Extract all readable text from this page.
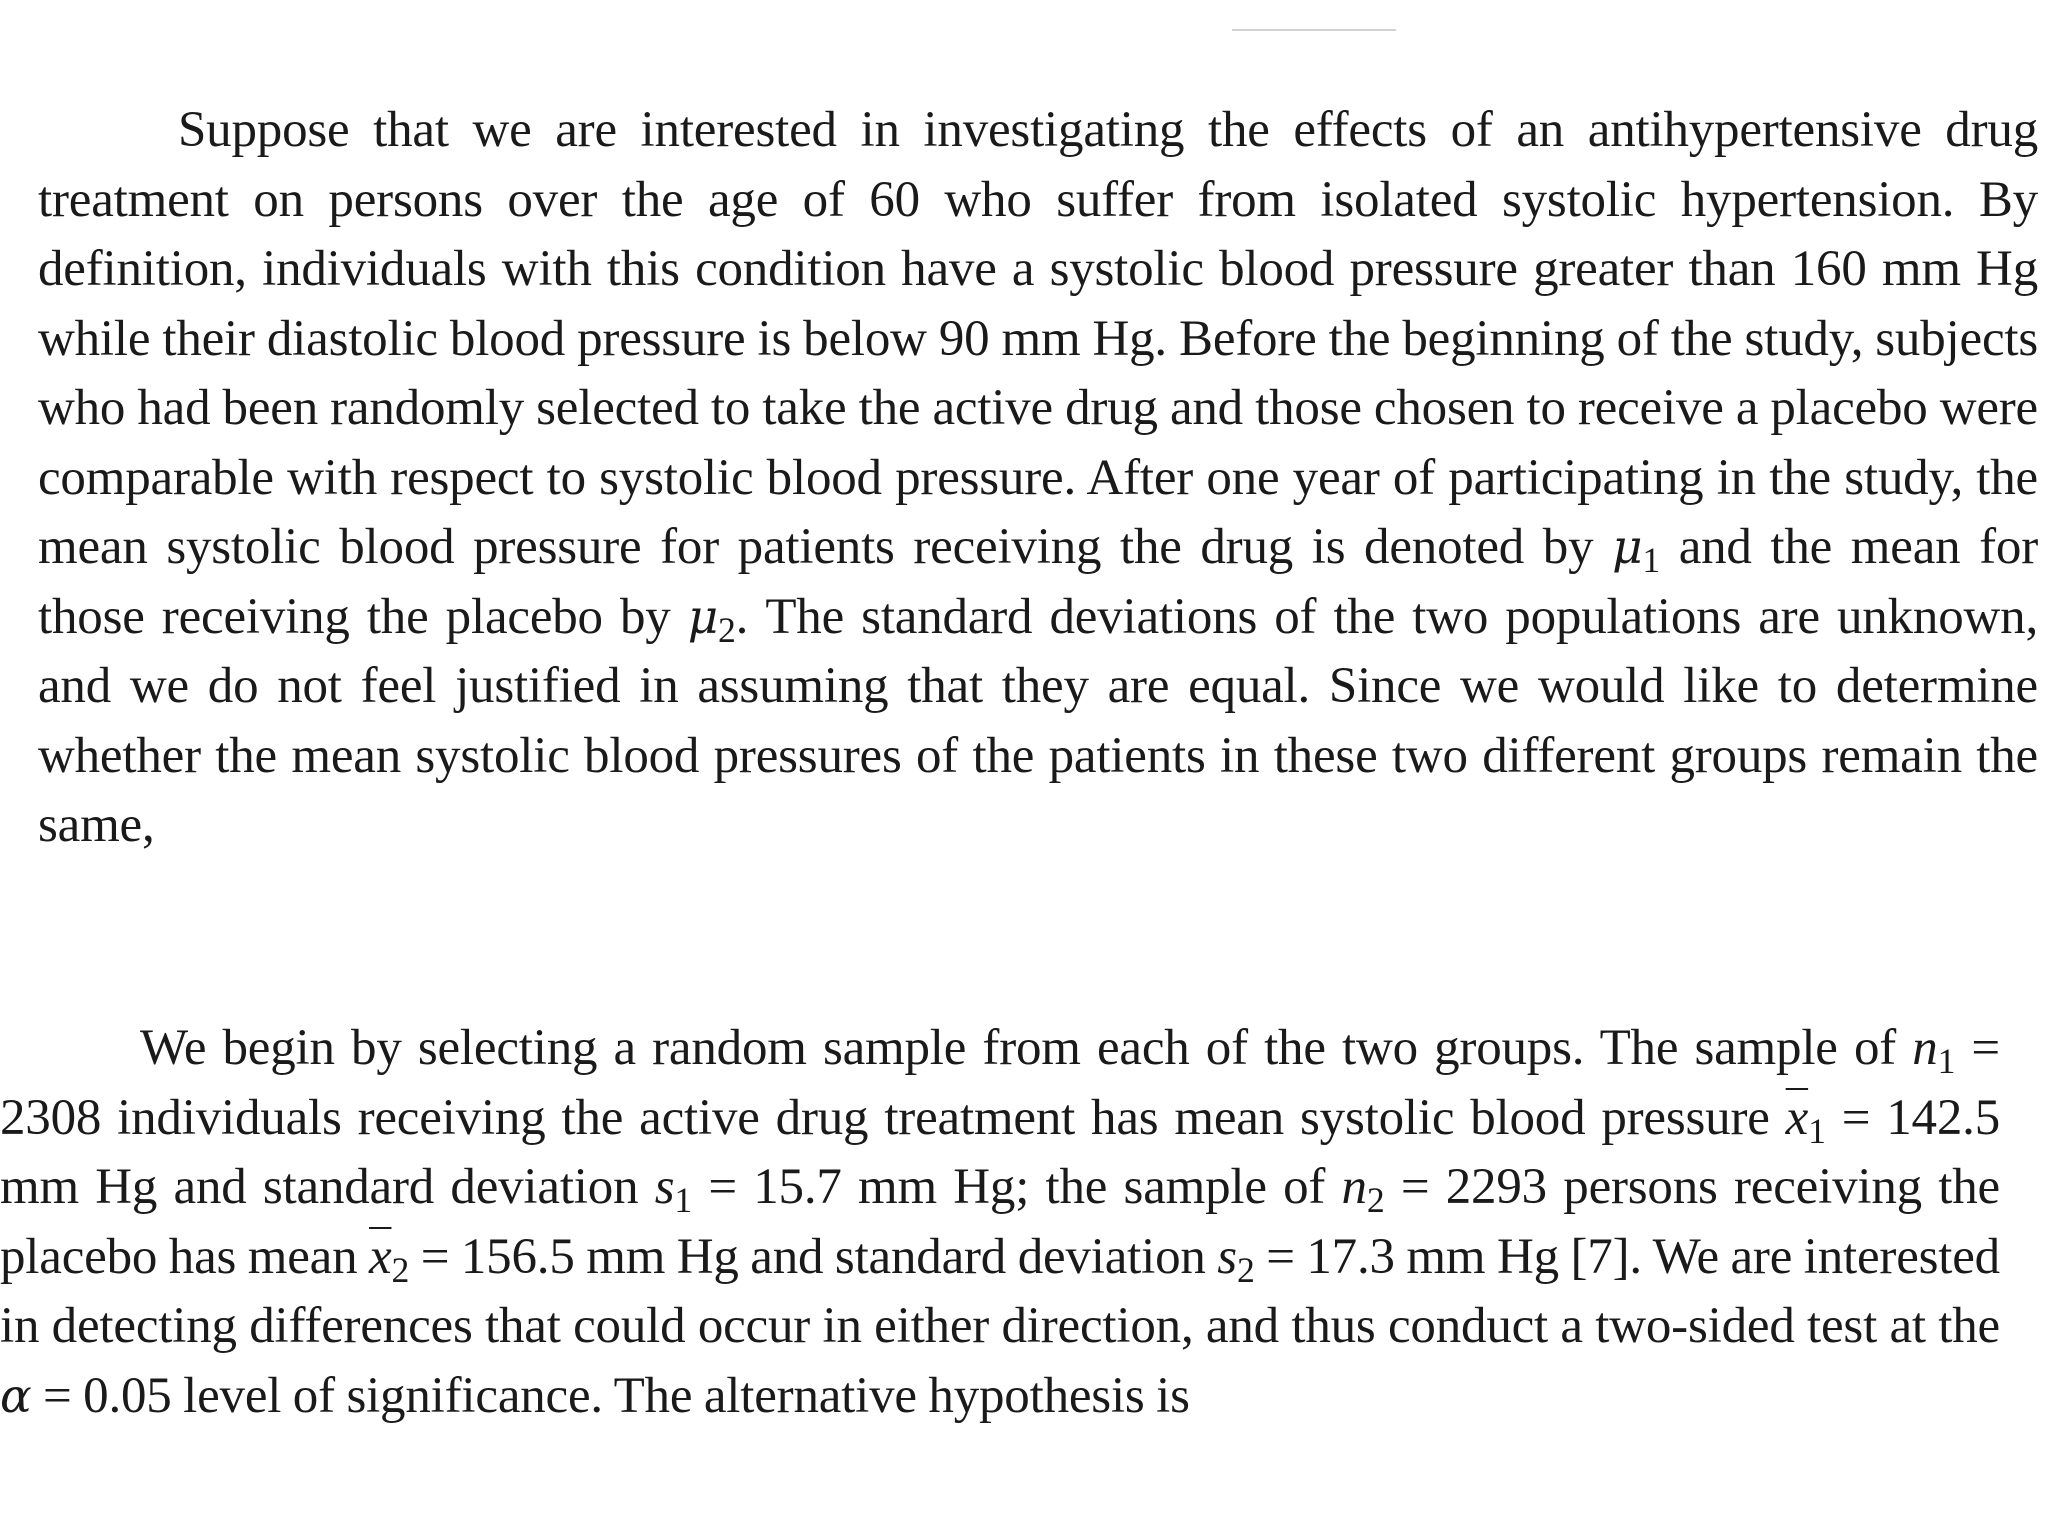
Suppose that we are interested in investigating the effects of an antihypertensive drug treatment on persons over the age of 60 who suffer from isolated systolic hypertension. By definition, individuals with this condition have a systolic blood pressure greater than 160 mm Hg while their diastolic blood pressure is below 90 mm Hg. Before the beginning of the study, subjects who had been randomly selected to take the active drug and those chosen to receive a placebo were comparable with respect to systolic blood pressure. After one year of participating in the study, the mean systolic blood pressure for patients receiving the drug is denoted by $\mu_1$ and the mean for those receiving the placebo by $\mu_2$. The standard deviations of the two populations are unknown, and we do not feel justified in assuming that they are equal. Since we would like to determine whether the mean systolic blood pressures of the patients in these two different groups remain the same,

We begin by selecting a random sample from each of the two groups. The sample of $n_1 = 2308$ individuals receiving the active drug treatment has mean systolic blood pressure $\overline{x}_1 = 142.5$ mm Hg and standard deviation $s_1 = 15.7$ mm Hg; the sample of $n_2 = 2293$ persons receiving the placebo has mean $\overline{x}_2 = 156.5$ mm Hg and standard deviation $s_2 = 17.3$ mm Hg [7]. We are interested in detecting differences that could occur in either direction, and thus conduct a two-sided test at the α = 0.05 level of significance. The alternative hypothesis is
